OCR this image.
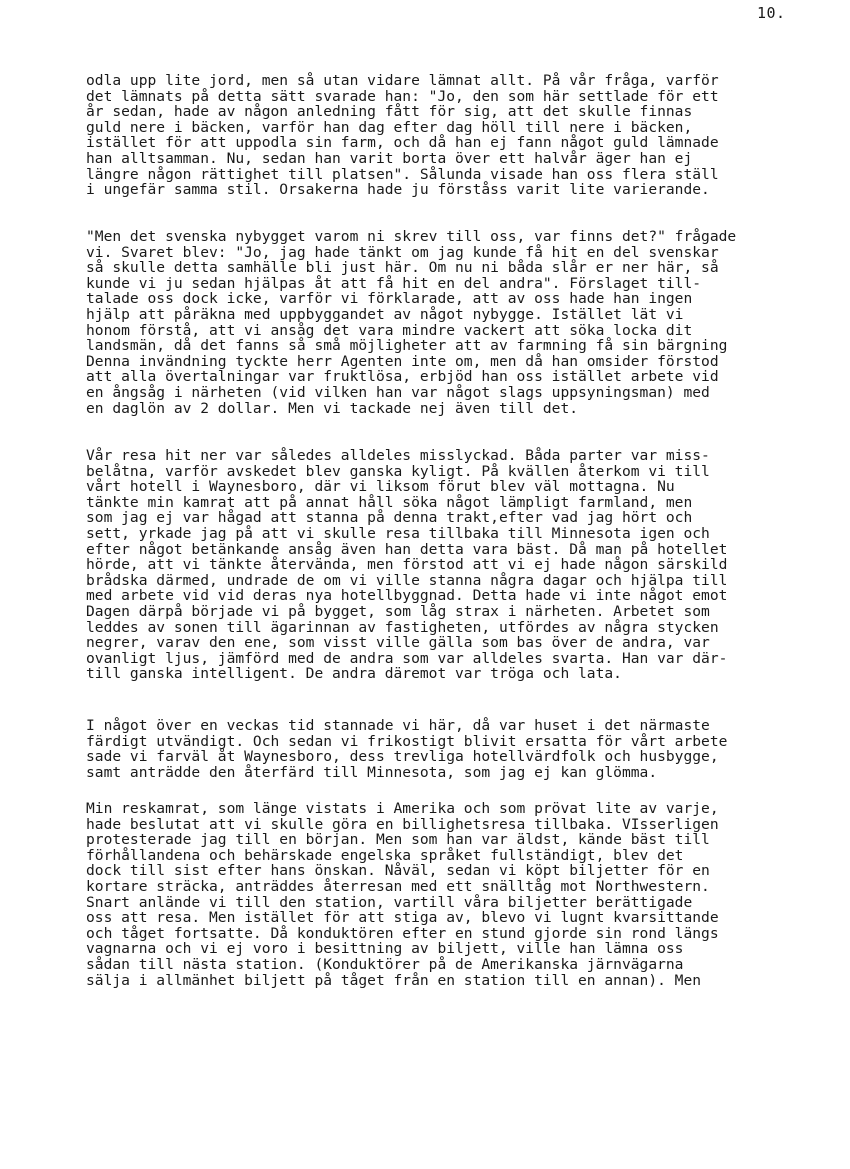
10.

odla upp lite jord, men så utan vidare lämnat allt. På vår fråga, varför
det lämnats på detta sätt svarade han: "Jo, den som här settlade för ett
år sedan, hade av någon anledning fått för sig, att det skulle finnas
guld nere i bäcken, varför han dag efter dag höll till nere i bäcken,
istället för att uppodla sin farm, och då han ej fann något guld lämnade
han alltsamman. Nu, sedan han varit borta över ett halvår äger han ej
längre någon rättighet till platsen". Sålunda visade han oss flera ställ
i ungefär samma stil. Orsakerna hade ju förståss varit lite varierande.
"Men det svenska nybygget varom ni skrev till oss, var finns det?" frågade
vi. Svaret blev: "Jo, jag hade tänkt om jag kunde få hit en del svenskar
så skulle detta samhälle bli just här. Om nu ni båda slår er ner här, så
kunde vi ju sedan hjälpas åt att få hit en del andra". Förslaget till-
talade oss dock icke, varför vi förklarade, att av oss hade han ingen
hjälp att påräkna med uppbyggandet av något nybygge. Istället lät vi
honom förstå, att vi ansåg det vara mindre vackert att söka locka dit
landsmän, då det fanns så små möjligheter att av farmning få sin bärgning
Denna invändning tyckte herr Agenten inte om, men då han omsider förstod
att alla övertalningar var fruktlösa, erbjöd han oss istället arbete vid
en ångsåg i närheten (vid vilken han var något slags uppsyningsman) med
en daglön av 2 dollar. Men vi tackade nej även till det.
Vår resa hit ner var således alldeles misslyckad. Båda parter var miss-
belåtna, varför avskedet blev ganska kyligt. På kvällen återkom vi till
vårt hotell i Waynesboro, där vi liksom förut blev väl mottagna. Nu
tänkte min kamrat att på annat håll söka något lämpligt farmland, men
som jag ej var hågad att stanna på denna trakt,efter vad jag hört och
sett, yrkade jag på att vi skulle resa tillbaka till Minnesota igen och
efter något betänkande ansåg även han detta vara bäst. Då man på hotellet
hörde, att vi tänkte återvända, men förstod att vi ej hade någon särskild
brådska därmed, undrade de om vi ville stanna några dagar och hjälpa till
med arbete vid vid deras nya hotellbyggnad. Detta hade vi inte något emot
Dagen därpå började vi på bygget, som låg strax i närheten. Arbetet som
leddes av sonen till ägarinnan av fastigheten, utfördes av några stycken
negrer, varav den ene, som visst ville gälla som bas över de andra, var
ovanligt ljus, jämförd med de andra som var alldeles svarta. Han var där-
till ganska intelligent. De andra däremot var tröga och lata.
I något över en veckas tid stannade vi här, då var huset i det närmaste
färdigt utvändigt. Och sedan vi frikostigt blivit ersatta för vårt arbete
sade vi farväl åt Waynesboro, dess trevliga hotellvärdfolk och husbygge,
samt anträdde den återfärd till Minnesota, som jag ej kan glömma.
Min reskamrat, som länge vistats i Amerika och som prövat lite av varje,
hade beslutat att vi skulle göra en billighetsresa tillbaka. VIsserligen
protesterade jag till en början. Men som han var äldst, kände bäst till
förhållandena och behärskade engelska språket fullständigt, blev det
dock till sist efter hans önskan. Nåväl, sedan vi köpt biljetter för en
kortare sträcka, anträddes återresan med ett snälltåg mot Northwestern.
Snart anlände vi till den station, vartill våra biljetter berättigade
oss att resa. Men istället för att stiga av, blevo vi lugnt kvarsittande
och tåget fortsatte. Då konduktören efter en stund gjorde sin rond längs
vagnarna och vi ej voro i besittning av biljett, ville han lämna oss
sådan till nästa station. (Konduktörer på de Amerikanska järnvägarna
sälja i allmänhet biljett på tåget från en station till en annan). Men
